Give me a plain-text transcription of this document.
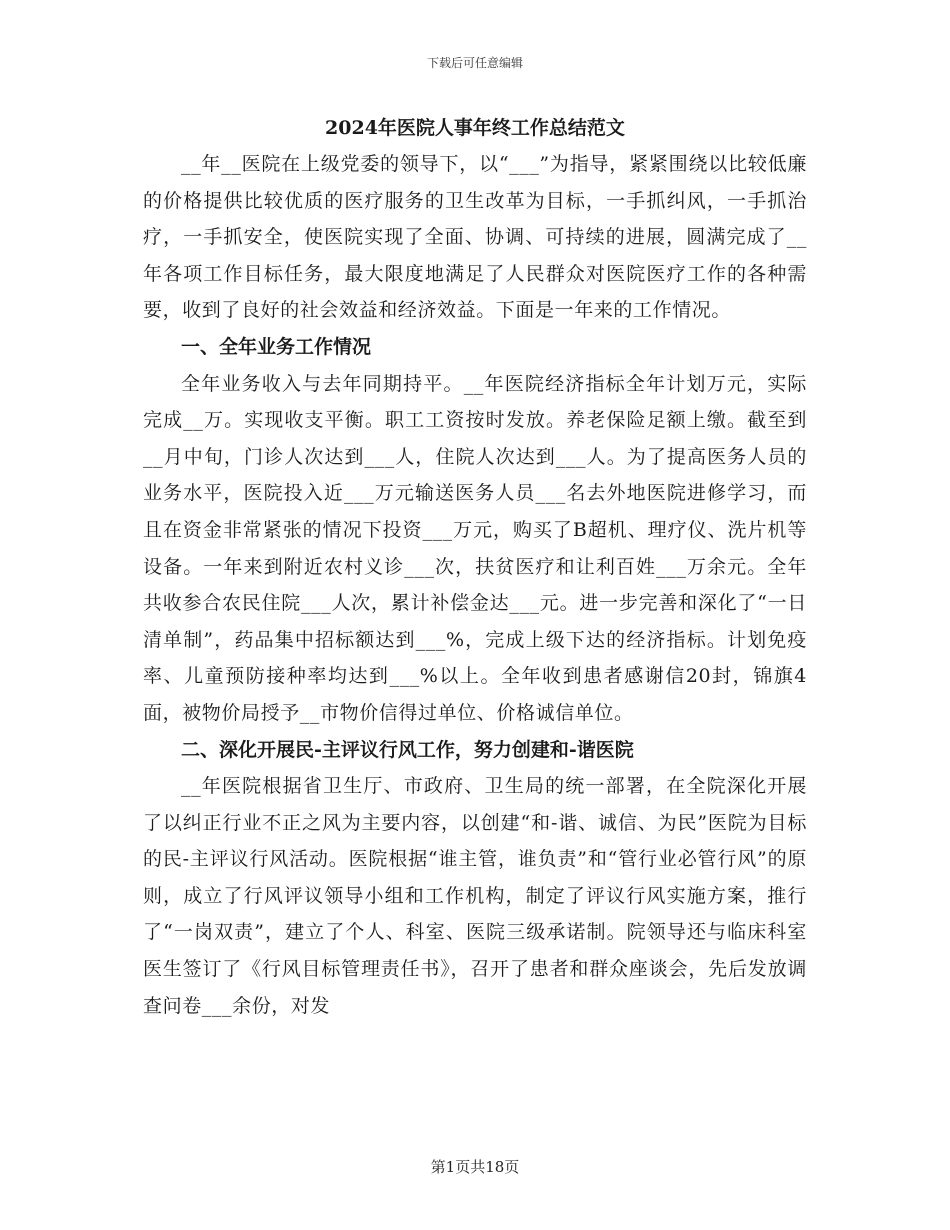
下载后可任意编辑
2024年医院人事年终工作总结范文

__年__医院在上级党委的领导下，以“___”为指导，紧紧围绕以比较低廉的价格提供比较优质的医疗服务的卫生改革为目标，一手抓纠风，一手抓治疗，一手抓安全，使医院实现了全面、协调、可持续的进展，圆满完成了__年各项工作目标任务，最大限度地满足了人民群众对医院医疗工作的各种需要，收到了良好的社会效益和经济效益。下面是一年来的工作情况。

一、全年业务工作情况

全年业务收入与去年同期持平。__年医院经济指标全年计划万元，实际完成__万。实现收支平衡。职工工资按时发放。养老保险足额上缴。截至到__月中旬，门诊人次达到___人，住院人次达到___人。为了提高医务人员的业务水平，医院投入近___万元输送医务人员___名去外地医院进修学习，而且在资金非常紧张的情况下投资___万元，购买了B超机、理疗仪、洗片机等设备。一年来到附近农村义诊___次，扶贫医疗和让利百姓___万余元。全年共收参合农民住院___人次，累计补偿金达___元。进一步完善和深化了“一日清单制”，药品集中招标额达到___%，完成上级下达的经济指标。计划免疫率、儿童预防接种率均达到___%以上。全年收到患者感谢信20封，锦旗4面，被物价局授予__市物价信得过单位、价格诚信单位。

二、深化开展民-主评议行风工作，努力创建和-谐医院

__年医院根据省卫生厅、市政府、卫生局的统一部署，在全院深化开展了以纠正行业不正之风为主要内容，以创建“和-谐、诚信、为民”医院为目标的民-主评议行风活动。医院根据“谁主管，谁负责”和“管行业必管行风”的原则，成立了行风评议领导小组和工作机构，制定了评议行风实施方案，推行了“一岗双责”，建立了个人、科室、医院三级承诺制。院领导还与临床科室医生签订了《行风目标管理责任书》，召开了患者和群众座谈会，先后发放调查问卷___余份，对发

第1页共18页
